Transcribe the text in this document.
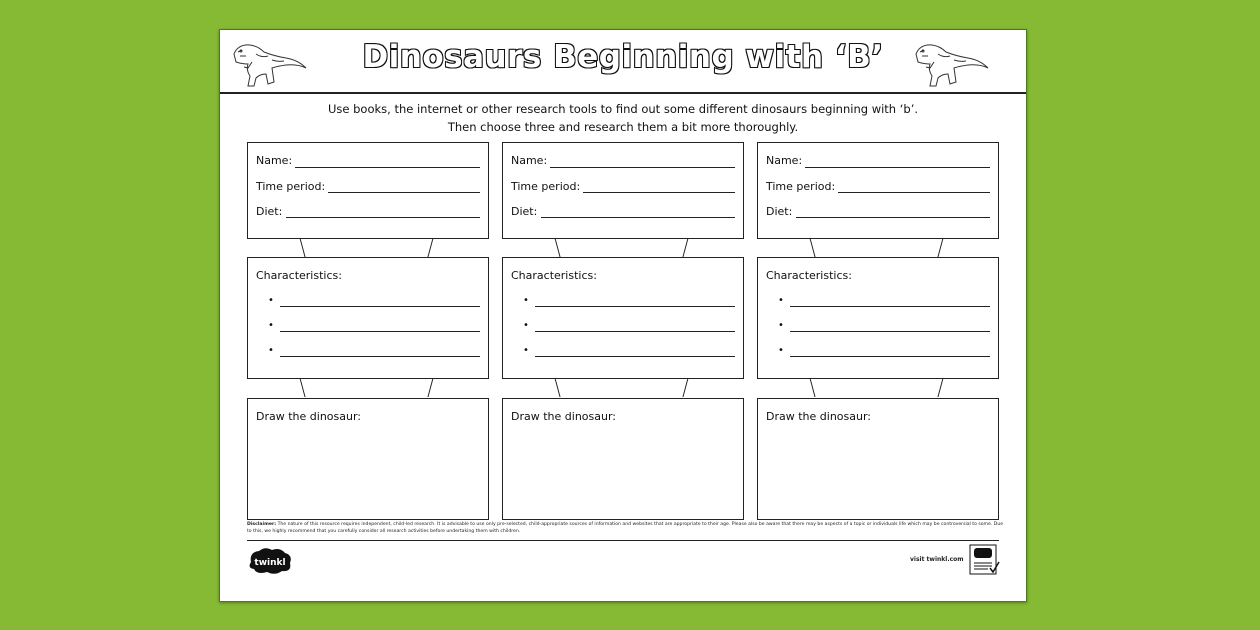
Dinosaurs Beginning with ‘B’
Use books, the internet or other research tools to find out some different dinosaurs beginning with ‘b’.
Then choose three and research them a bit more thoroughly.
Name:
Time period:
Diet:
Characteristics:
•
•
•
Draw the dinosaur:
Name:
Time period:
Diet:
Characteristics:
•
•
•
Draw the dinosaur:
Name:
Time period:
Diet:
Characteristics:
•
•
•
Draw the dinosaur:
Disclaimer: The nature of this resource requires independent, child-led research. It is advisable to use only pre-selected, child-appropriate sources of information and websites that are appropriate to their age. Please also be aware that there may be aspects of a topic or individuals life which may be controversial to some. Due to this, we highly recommend that you carefully consider all research activities before undertaking them with children.
twinkl	visit twinkl.com
